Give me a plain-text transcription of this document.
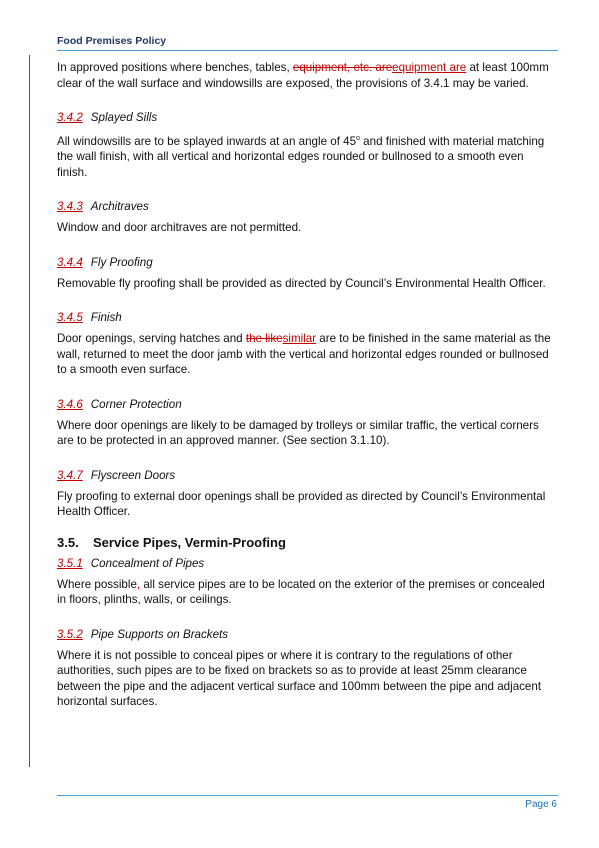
Food Premises Policy

In approved positions where benches, tables, equipment, etc. areequipment are at least 100mm clear of the wall surface and windowsills are exposed, the provisions of 3.4.1 may be varied.

3.4.2 Splayed Sills

All windowsills are to be splayed inwards at an angle of 45$^o$ and finished with material matching the wall finish, with all vertical and horizontal edges rounded or bullnosed to a smooth even finish.

3.4.3 Architraves

Window and door architraves are not permitted.

3.4.4 Fly Proofing

Removable fly proofing shall be provided as directed by Council’s Environmental Health Officer.

3.4.5 Finish

Door openings, serving hatches and the likesimilar are to be finished in the same material as the wall, returned to meet the door jamb with the vertical and horizontal edges rounded or bullnosed to a smooth even surface.

3.4.6 Corner Protection

Where door openings are likely to be damaged by trolleys or similar traffic, the vertical corners are to be protected in an approved manner. (See section 3.1.10).

3.4.7 Flyscreen Doors

Fly proofing to external door openings shall be provided as directed by Council’s Environmental Health Officer.

3.5. Service Pipes, Vermin-Proofing

3.5.1 Concealment of Pipes

Where possible, all service pipes are to be located on the exterior of the premises or concealed in floors, plinths, walls, or ceilings.

3.5.2 Pipe Supports on Brackets

Where it is not possible to conceal pipes or where it is contrary to the regulations of other authorities, such pipes are to be fixed on brackets so as to provide at least 25mm clearance between the pipe and the adjacent vertical surface and 100mm between the pipe and adjacent horizontal surfaces.

Page 6
